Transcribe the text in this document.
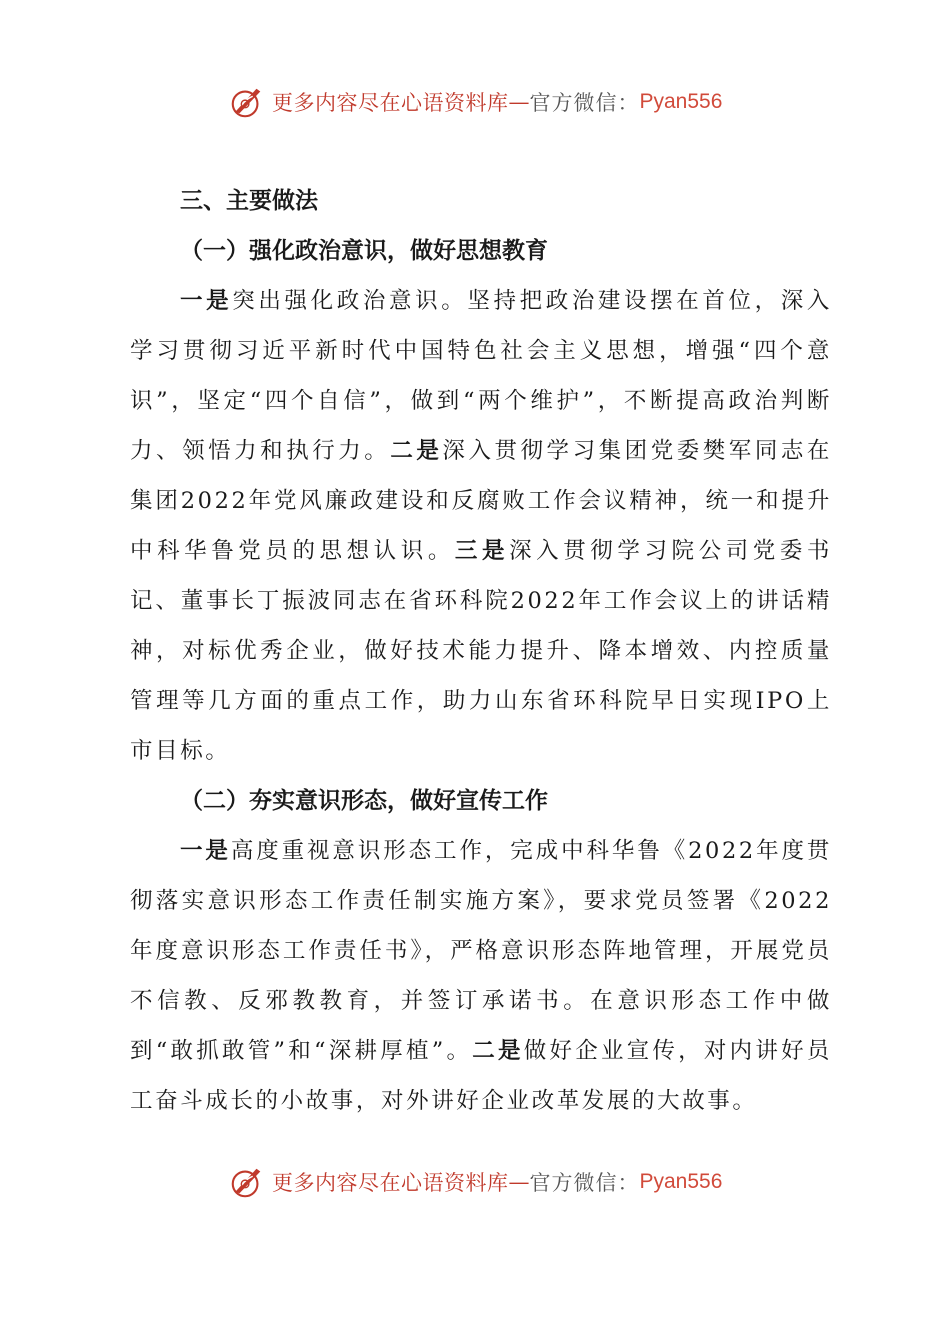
更多内容尽在心语资料库 — 官方微信： Pyan556
三、主要做法
（一）强化政治意识，做好思想教育

一是突出强化政治意识。坚持把政治建设摆在首位，深入学习贯彻习近平新时代中国特色社会主义思想，增强“四个意识”，坚定“四个自信”，做到“两个维护”，不断提高政治判断力、领悟力和执行力。二是深入贯彻学习集团党委樊军同志在集团2022年党风廉政建设和反腐败工作会议精神，统一和提升中科华鲁党员的思想认识。三是深入贯彻学习院公司党委书记、董事长丁振波同志在省环科院2022年工作会议上的讲话精神，对标优秀企业，做好技术能力提升、降本增效、内控质量管理等几方面的重点工作，助力山东省环科院早日实现IPO上市目标。

（二）夯实意识形态，做好宣传工作

一是高度重视意识形态工作，完成中科华鲁《2022年度贯彻落实意识形态工作责任制实施方案》，要求党员签署《2022年度意识形态工作责任书》，严格意识形态阵地管理，开展党员不信教、反邪教教育，并签订承诺书。在意识形态工作中做到“敢抓敢管”和“深耕厚植”。二是做好企业宣传，对内讲好员工奋斗成长的小故事，对外讲好企业改革发展的大故事。

更多内容尽在心语资料库 — 官方微信： Pyan556
